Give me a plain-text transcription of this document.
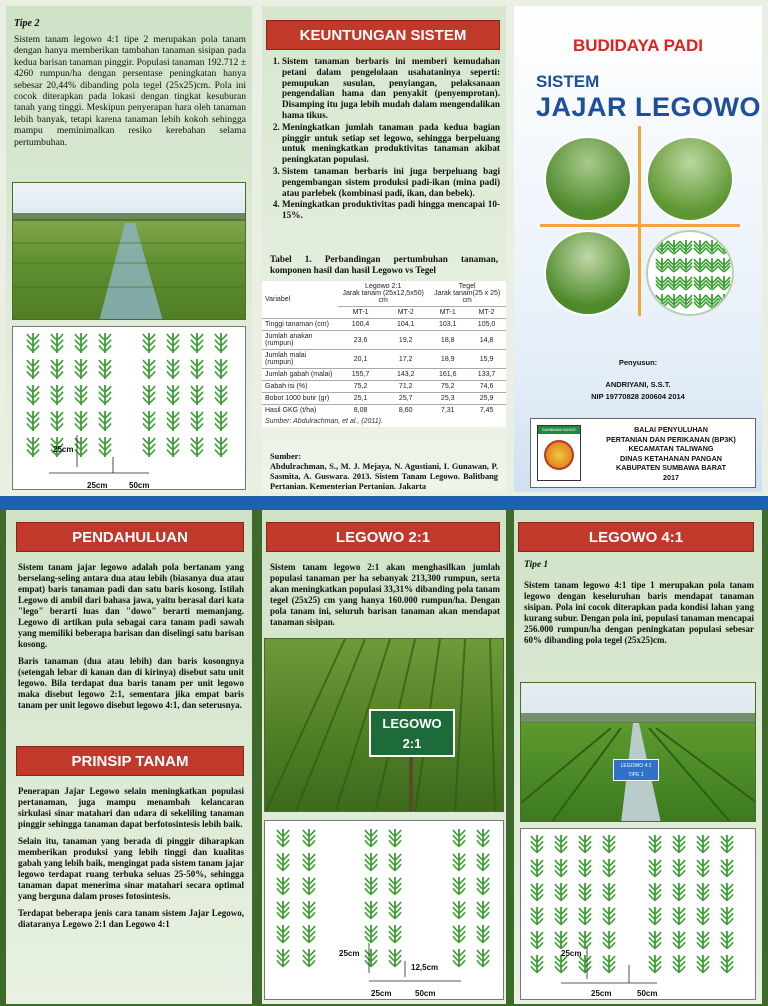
Tipe 2
Sistem tanam legowo 4:1 tipe 2 merupakan pola tanam dengan hanya memberikan tambahan tanaman sisipan pada kedua barisan tanaman pinggir. Populasi tanaman 192.712 ± 4260 rumpun/ha dengan persentase peningkatan hanya sebesar 20,44% dibanding pola tegel (25x25)cm. Pola ini cocok diterapkan pada lokasi dengan tingkat kesuburan tanah yang tinggi. Meskipun penyerapan hara oleh tanaman lebih banyak, tetapi karena tanaman lebih kokoh sehingga mampu meminimalkan resiko kerebahan selama pertumbuhan.
25cm
25cm	50cm
KEUNTUNGAN SISTEM
1. Sistem tanaman berbaris ini memberi kemudahan petani dalam pengelolaan usahataninya seperti: pemupukan susulan, penyiangan, pelaksanaan pengendalian hama dan penyakit (penyemprotan). Disamping itu juga lebih mudah dalam mengendalikan hama tikus.
2. Meningkatkan jumlah tanaman pada kedua bagian pinggir untuk setiap set legowo, sehingga berpeluang untuk meningkatkan produktivitas tanaman akibat peningkatan populasi.
3. Sistem tanaman berbaris ini juga berpeluang bagi pengembangan sistem produksi padi-ikan (mina padi) atau parlebek (kombinasi padi, ikan, dan bebek).
4. Meningkatkan produktivitas padi hingga mencapai 10-15%.
Tabel 1. Perbandingan pertumbuhan tanaman, komponen hasil dan hasil Legowo vs Tegel
Variabel	Legowo 2:1
Jarak tanam (25x12,5x50) cm		Tegel
Jarak tanam(25 x 25) cm	
	MT-1	MT-2	MT-1	MT-2
Tinggi tanaman (cm)	100,4	104,1	103,1	105,0
Jumlah anakan (rumpun)	23,6	19,2	18,8	14,8
Jumlah malai (rumpun)	20,1	17,2	18,9	15,9
Jumlah gabah (malai)	155,7	143,2	161,6	133,7
Gabah isi (%)	75,2	71,2	75,2	74,6
Bobot 1000 butir (gr)	25,1	25,7	25,3	25,9
Hasil GKG (t/ha)	8,08	8,60	7,31	7,45
Sumber: Abdulrachman, et al., (2011).
Sumber:
Abdulrachman, S., M. J. Mejaya, N. Agustiani, I. Gunawan, P. Sasmita, A. Guswara. 2013. Sistem Tanam Legowo. Balitbang Pertanian. Kementerian Pertanian. Jakarta
BUDIDAYA PADI
SISTEM
JAJAR LEGOWO
Penyusun:
ANDRIYANI, S.S.T.
NIP 19770828 200604 2014
SUMBAWA BARAT	BALAI PENYULUHAN
PERTANIAN DAN PERIKANAN (BP3K)
KECAMATAN TALIWANG
DINAS KETAHANAN PANGAN
KABUPATEN SUMBAWA BARAT
2017
PENDAHULUAN

Sistem tanam jajar legowo adalah pola bertanam yang berselang-seling antara dua atau lebih (biasanya dua atau empat) baris tanaman padi dan satu baris kosong. Istilah Legowo di ambil dari bahasa jawa, yaitu berasal dari kata "lego" berarti luas dan "dowo" berarti memanjang. Legowo di artikan pula sebagai cara tanam padi sawah yang memiliki beberapa barisan dan diselingi satu barisan kosong.

Baris tanaman (dua atau lebih) dan baris kosongnya (setengah lebar di kanan dan di kirinya) disebut satu unit legowo. Bila terdapat dua baris tanam per unit legowo maka disebut legowo 2:1, sementara jika empat baris tanam per unit legowo disebut legowo 4:1, dan seterusnya.

PRINSIP TANAM

Penerapan Jajar Legowo selain meningkatkan populasi pertanaman, juga mampu menambah kelancaran sirkulasi sinar matahari dan udara di sekeliling tanaman pinggir sehingga tanaman dapat berfotosintesis lebih baik.

Selain itu, tanaman yang berada di pinggir diharapkan memberikan produksi yang lebih tinggi dan kualitas gabah yang lebih baik, mengingat pada sistem tanam jajar legowo terdapat ruang terbuka seluas 25-50%, sehingga tanaman dapat menerima sinar matahari secara optimal yang berguna dalam proses fotosintesis.

Terdapat beberapa jenis cara tanam sistem Jajar Legowo, diataranya Legowo 2:1 dan Legowo 4:1

LEGOWO 2:1
Sistem tanam legowo 2:1 akan menghasilkan jumlah populasi tanaman per ha sebanyak 213,300 rumpun, serta akan meningkatkan populasi 33,31% dibanding pola tanam tegel (25x25) cm yang hanya 160.000 rumpun/ha. Dengan pola tanam ini, seluruh barisan tanaman akan mendapat tanaman sisipan.
LEGOWO
2:1
25cm
12,5cm
25cm	50cm
LEGOWO 4:1
Tipe 1
Sistem tanam legowo 4:1 tipe 1 merupakan pola tanam legowo dengan keseluruhan baris mendapat tanaman sisipan. Pola ini cocok diterapkan pada kondisi lahan yang kurang subur. Dengan pola ini, populasi tanaman mencapai 256.000 rumpun/ha dengan peningkatan populasi sebesar 60% dibanding pola tegel (25x25)cm.
LEGOWO 4:1
TIPE 1
25cm
25cm	50cm
